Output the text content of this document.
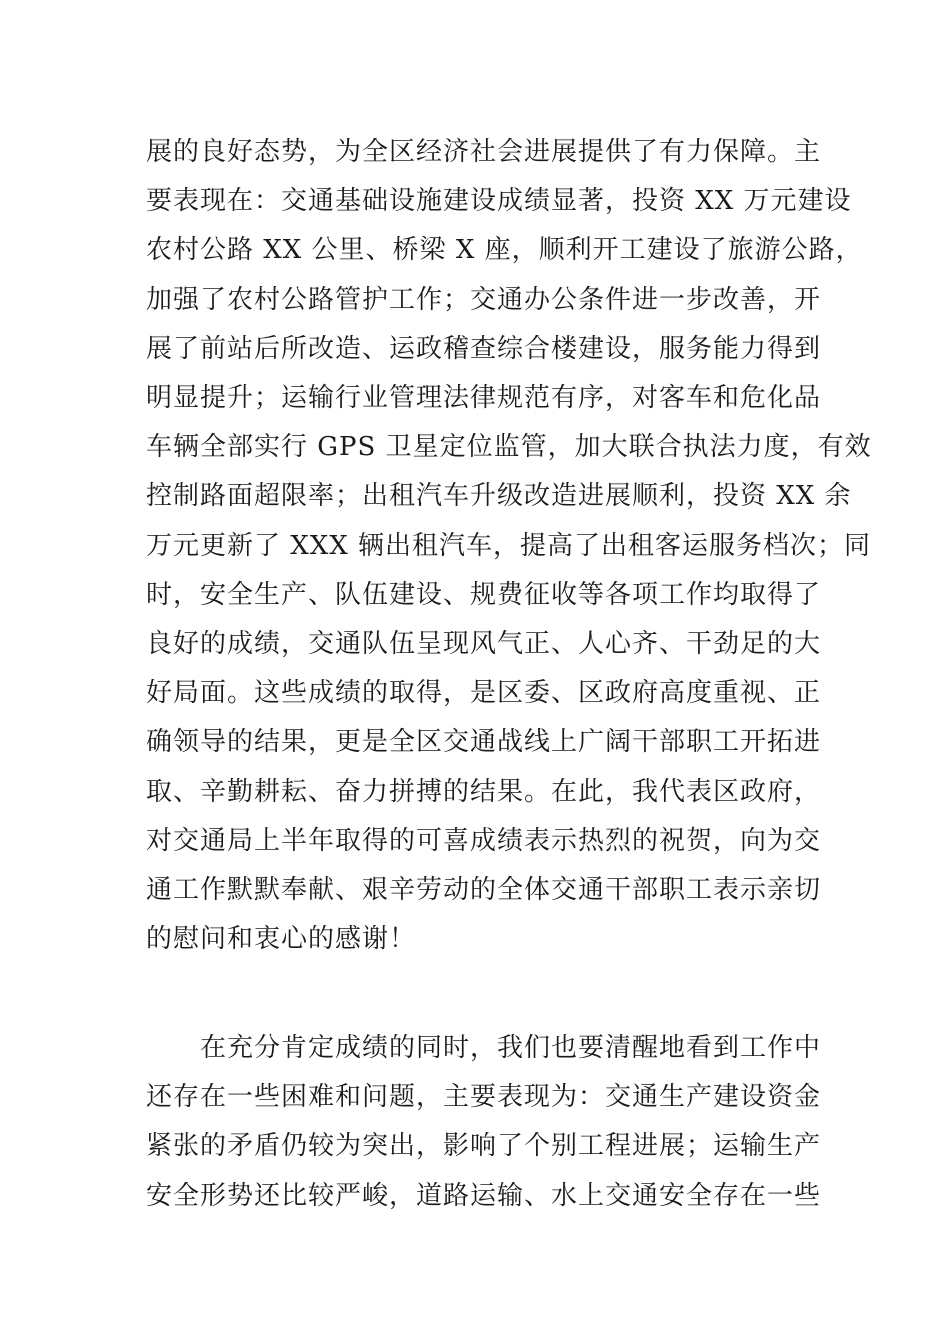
展的良好态势，为全区经济社会进展提供了有力保障。主
要表现在：交通基础设施建设成绩显著，投资 XX 万元建设
农村公路 XX 公里、桥梁 X 座，顺利开工建设了旅游公路，
加强了农村公路管护工作；交通办公条件进一步改善，开
展了前站后所改造、运政稽查综合楼建设，服务能力得到
明显提升；运输行业管理法律规范有序，对客车和危化品
车辆全部实行 GPS 卫星定位监管，加大联合执法力度，有效
控制路面超限率；出租汽车升级改造进展顺利，投资 XX 余
万元更新了 XXX 辆出租汽车，提高了出租客运服务档次；同
时，安全生产、队伍建设、规费征收等各项工作均取得了
良好的成绩，交通队伍呈现风气正、人心齐、干劲足的大
好局面。这些成绩的取得，是区委、区政府高度重视、正
确领导的结果，更是全区交通战线上广阔干部职工开拓进
取、辛勤耕耘、奋力拼搏的结果。在此，我代表区政府，
对交通局上半年取得的可喜成绩表示热烈的祝贺，向为交
通工作默默奉献、艰辛劳动的全体交通干部职工表示亲切
的慰问和衷心的感谢！

　　在充分肯定成绩的同时，我们也要清醒地看到工作中
还存在一些困难和问题，主要表现为：交通生产建设资金
紧张的矛盾仍较为突出，影响了个别工程进展；运输生产
安全形势还比较严峻，道路运输、水上交通安全存在一些
